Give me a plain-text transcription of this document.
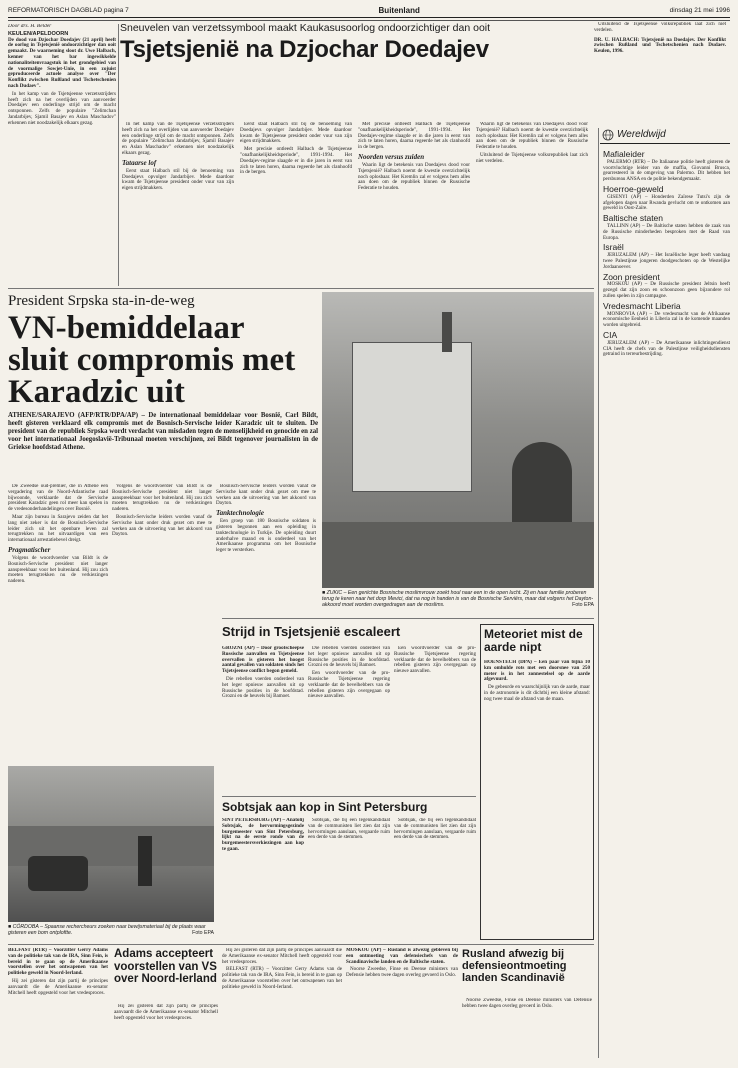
REFORMATORISCH DAGBLAD pagina 7	Buitenland	dinsdag 21 mei 1996
Sneuvelen van verzetssymbool maakt Kaukasusoorlog ondoorzichtiger dan ooit
Tsjetsjenië na Dzjochar Doedajev
Door drs. H. Belder
KEULEN/APELDOORN

De dood van Dzjochar Doedajev (21 april) heeft de oorlog in Tsjetsjenië ondoorzichtiger dan ooit gemaakt. De waarneming sloot dr. Uwe Halbach, kenner van het bar ingewikkelde nationaliteitenvraagstuk in het grondgebied van de voormalige Sowjet-Unie, in een zojuist geproduceerde actuele analyse over "Der Konflikt zwischen Rußland und Tschetschenien nach Dudaev".

In het kamp van de Tsjetsjeense verzetsstrijders heeft zich na het overlijden van aanvoerder Doedajev een onderlinge strijd om de macht ontsponnen. Zelfs de populaire "Zelimchan Jandarbijev, Sjamil Basajev en Aslan Maschadov" erkennen niet noodzakelijk elkaars gezag.	In het kamp van de Tsjetsjeense verzetsstrijders heeft zich na het overlijden van aanvoerder Doedajev een onderlinge strijd om de macht ontsponnen. Zelfs de populaire "Zelimchan Jandarbijev, Sjamil Basajev en Aslan Maschadov" erkennen niet noodzakelijk elkaars gezag.

Tataarse lof

Eerst staat Halbach stil bij de benoeming van Doedajevs opvolger Jandarbijev. Mede daardoor kwam de Tsjetsjeense president onder vuur van zijn eigen strijdmakkers.

Eerst staat Halbach stil bij de benoeming van Doedajevs opvolger Jandarbijev. Mede daardoor kwam de Tsjetsjeense president onder vuur van zijn eigen strijdmakkers.

Met precisie ontleedt Halbach de Tsjetsjeense "onafhankelijkheidsperiode", 1991-1994. Het Doedajev-regime slaagde er in die jaren in eerst van zich te laten horen, daarna regeerde het als clanhoofd in de bergen.

Met precisie ontleedt Halbach de Tsjetsjeense "onafhankelijkheidsperiode", 1991-1994. Het Doedajev-regime slaagde er in die jaren in eerst van zich te laten horen, daarna regeerde het als clanhoofd in de bergen.

Noorden versus zuiden

Waarin ligt de betekenis van Doedajevs dood voor Tsjetsjenië? Halbach noemt de kwestie overzichtelijk noch oplosbaar. Het Kremlin zal er volgens hem alles aan doen om de republiek binnen de Russische Federatie te houden.

Waarin ligt de betekenis van Doedajevs dood voor Tsjetsjenië? Halbach noemt de kwestie overzichtelijk noch oplosbaar. Het Kremlin zal er volgens hem alles aan doen om de republiek binnen de Russische Federatie te houden.

Uitsluitend de Tsjetsjeense volksrepubliek laat zich niet verdelen.

Uitsluitend de Tsjetsjeense volksrepubliek laat zich niet verdelen.

DR. U. HALBACH: Tsjetsjenië na Doedajev. Der Konflikt zwischen Rußland und Tschetschenien nach Dudaev. Keulen, 1996.

Wereldwijd
Mafialeider

PALERMO (RTR) – De Italiaanse politie heeft gisteren de voortvluchtige leider van de maffia, Giovanni Brusca, gearresteerd in de omgeving van Palermo. Dit hebben het persbureau ANSA en de politie bekendgemaakt.

Hoerroe-geweld

GISENYI (AP) – Honderden Zaïrese Tutsi's zijn de afgelopen dagen naar Rwanda gevlucht om te ontkomen aan geweld in Oost-Zaïre.

Baltische staten

TALLINN (AP) – De Baltische staten hebben de zaak van de Russische minderheden besproken met de Raad van Europa.

Israël

JERUZALEM (AP) – Het Israëlische leger heeft vandaag twee Palestijnse jongeren doodgeschoten op de Westelijke Jordaanoever.

Zoon president

MOSKOU (AP) – De Russische president Jeltsin heeft gezegd dat zijn zoon en schoonzoon geen bijzondere rol zullen spelen in zijn campagne.

Vredesmacht Liberia

MONROVIA (AP) – De vredesmacht van de Afrikaanse economische Eenheid in Liberia zal in de komende maanden worden uitgebreid.

CIA

JERUZALEM (AP) – De Amerikaanse inlichtingendienst CIA heeft de chefs van de Palestijnse veiligheidsdiensten getraind in terreurbestrijding.

President Srpska sta-in-de-weg
VN-bemiddelaar sluit compromis met Karadzic uit
ATHENE/SARAJEVO (AFP/RTR/DPA/AP) – De internationaal bemiddelaar voor Bosnië, Carl Bildt, heeft gisteren verklaard elk compromis met de Bosnisch-Servische leider Karadzic uit te sluiten. De president van de republiek Srpska wordt verdacht van misdaden tegen de menselijkheid en genocide en zal voor het internationaal Joegoslavië-Tribunaal moeten verschijnen, zei Bildt tegenover journalisten in de Griekse hoofdstad Athene.

De Zweedse oud-premier, die in Athene een vergadering van de Noord-Atlantische raad bijwoonde, verklaarde dat de Servische president Karadzic geen rol meer kan spelen in de vredesonderhandelingen over Bosnië.

Maar zijn bureau in Sarajevo zeiden dat het lang niet zeker is dat de Bosnisch-Servische leider zich uit het openbare leven zal terugtrekken nu het uitvaardigen van een internationaal arrestatiebevel dreigt.

Pragmatischer

Volgens de woordvoerder van Bildt is de Bosnisch-Servische president niet langer aanspreekbaar voor het buitenland. Hij zou zich moeten terugtrekken nu de verkiezingen naderen.

Volgens de woordvoerder van Bildt is de Bosnisch-Servische president niet langer aanspreekbaar voor het buitenland. Hij zou zich moeten terugtrekken nu de verkiezingen naderen.

Bosnisch-Servische leiders worden vanaf de Servische kant onder druk gezet om mee te werken aan de uitvoering van het akkoord van Dayton.

Bosnisch-Servische leiders worden vanaf de Servische kant onder druk gezet om mee te werken aan de uitvoering van het akkoord van Dayton.

Tanktechnologie

Een groep van 180 Bosnische soldaten is gisteren begonnen aan een opleiding in tanktechnologie in Turkije. De opleiding duurt anderhalve maand en is onderdeel van het Amerikaanse programma om het Bosnische leger te versterken.

■ ZUKIC – Een geriichte Bosnische moslimvrouw zoekt houl naar een in de open lucht. Zij en haar familie proberen terug te keren naar het dorp Mevici, dat na nog in handen is van de Bosnische Serviërs, maar dat volgens het Dayton-akkoord moet worden overgedragen aan de moslims.	Foto EPA
Strijd in Tsjetsjenië escaleert

GROZNI (AP) – Door grootscheepse Russische aanvallen en Tsjetsjeense overvallen is gisteren het hoogst aantal gevallen van soldaten sinds het Tsjetsjeense conflict begon gemeld.

Die rebellen voerden onderdeel van het leger opnieuw aanvallen uit op Russische posities in de hoofdstad. Grozni en de heuvels bij Bamoet.

Die rebellen voerden onderdeel van het leger opnieuw aanvallen uit op Russische posities in de hoofdstad. Grozni en de heuvels bij Bamoet.

Een woordvoerder van de pro-Russische Tsjetsjeense regering verklaarde dat de bevelhebbers van de rebellen gisteren zijn overgegaan op nieuwe aanvallen.

Een woordvoerder van de pro-Russische Tsjetsjeense regering verklaarde dat de bevelhebbers van de rebellen gisteren zijn overgegaan op nieuwe aanvallen.

Meteoriet mist de aarde nipt

HOENSTECH (DPA) – Een paar van bijna 10 km omhulde rots met een doorsnee van 250 meter is in het zonnestelsel op de aarde afgevuurd.

De gebeurde en waarschijnlijk van de aarde, maar in de astronomie is dit dichtbij een kleine afstand: nog twee maal de afstand van de maan.

■ CÓRDOBA – Spaanse rechercheurs zoeken naar bewijsmateriaal bij de plaats waar gisteren een bom ontploftte.	Foto EPA
Sobtsjak aan kop in Sint Petersburg

SINT PETERSBURG (AP) – Anatolij Sobtsjak, de hervormingsgezinde burgemeester van Sint Petersburg, lijkt na de eerste ronde van de burgemeestersverkiezingen aan kop te gaan.

Sobtsjak, die bij een tegenkandidaat van de communisten liet zien dat zijn hervormingen aanslaan, vergaarde ruim een derde van de stemmen.

Sobtsjak, die bij een tegenkandidaat van de communisten liet zien dat zijn hervormingen aanslaan, vergaarde ruim een derde van de stemmen.

BELFAST (RTR) – Voorzitter Gerry Adams van de politieke tak van de IRA, Sinn Fein, is bereid in te gaan op de Amerikaanse voorstellen over het ontwapenen van het politieke geweld in Noord-Ierland.

Hij zei gisteren dat zijn partij de principes aanvaardt die de Amerikaanse ex-senator Mitchell heeft opgesteld voor het vredesproces.

Adams accepteert voorstellen van VS over Noord-Ierland

Hij zei gisteren dat zijn partij de principes aanvaardt die de Amerikaanse ex-senator Mitchell heeft opgesteld voor het vredesproces.

Hij zei gisteren dat zijn partij de principes aanvaardt die de Amerikaanse ex-senator Mitchell heeft opgesteld voor het vredesproces.

BELFAST (RTR) – Voorzitter Gerry Adams van de politieke tak van de IRA, Sinn Fein, is bereid in te gaan op de Amerikaanse voorstellen over het ontwapenen van het politieke geweld in Noord-Ierland.

MOSKOU (AP) – Rusland is afwezig gebleven bij een ontmoeting van defensiechefs van de Scandinavische landen en de Baltische staten.

Noorse Zweedse, Finse en Deense ministers van Defensie hebben twee dagen overleg gevoerd in Oslo.

Rusland afwezig bij defensieontmoeting landen Scandinavië

Noorse Zweedse, Finse en Deense ministers van Defensie hebben twee dagen overleg gevoerd in Oslo.
